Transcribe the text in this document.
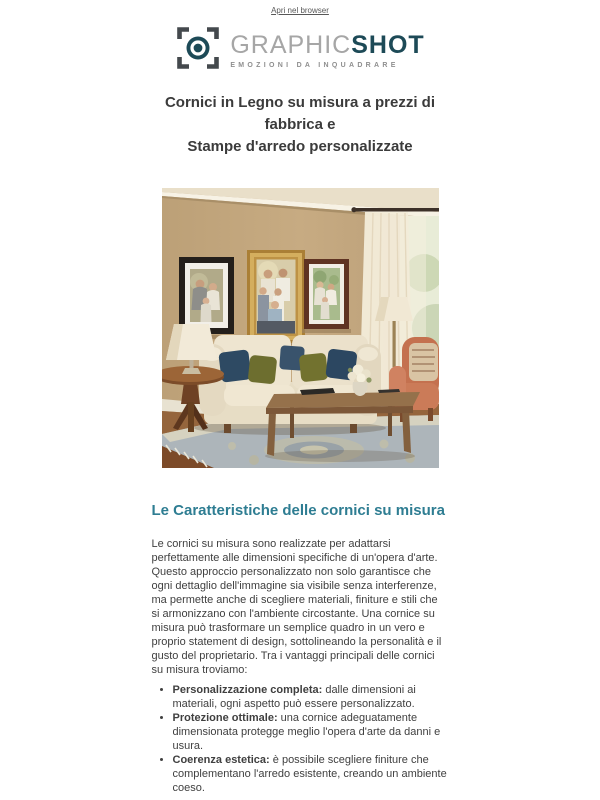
Apri nel browser
GRAPHICSHOT
EMOZIONI DA INQUADRARE
Cornici in Legno su misura a prezzi di fabbrica e
Stampe d'arredo personalizzate
Le Caratteristiche delle cornici su misura

Le cornici su misura sono realizzate per adattarsi perfettamente alle dimensioni specifiche di un'opera d'arte. Questo approccio personalizzato non solo garantisce che ogni dettaglio dell'immagine sia visibile senza interferenze, ma permette anche di scegliere materiali, finiture e stili che si armonizzano con l'ambiente circostante. Una cornice su misura può trasformare un semplice quadro in un vero e proprio statement di design, sottolineando la personalità e il gusto del proprietario. Tra i vantaggi principali delle cornici su misura troviamo:

• Personalizzazione completa: dalle dimensioni ai materiali, ogni aspetto può essere personalizzato.
• Protezione ottimale: una cornice adeguatamente dimensionata protegge meglio l'opera d'arte da danni e usura.
• Coerenza estetica: è possibile scegliere finiture che complementano l'arredo esistente, creando un ambiente coeso.
